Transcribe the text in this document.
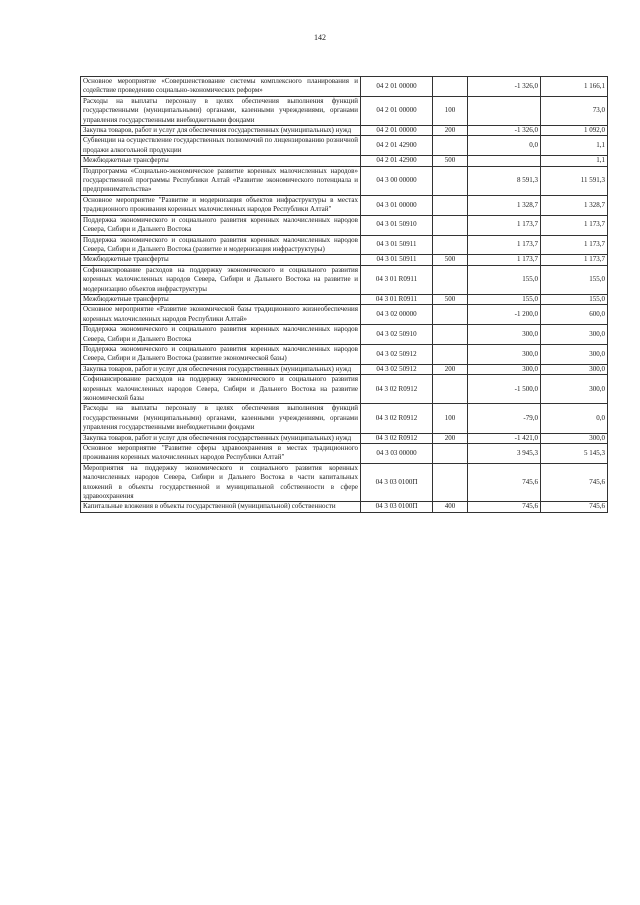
142
Основное мероприятие «Совершенствование системы комплексного планирования и содействие проведению социально-экономических реформ»	04 2 01 00000		-1 326,0	1 166,1
Расходы на выплаты персоналу в целях обеспечения выполнения функций государственными (муниципальными) органами, казенными учреждениями, органами управления государственными внебюджетными фондами	04 2 01 00000	100		73,0
Закупка товаров, работ и услуг для обеспечения государственных (муниципальных) нужд	04 2 01 00000	200	-1 326,0	1 092,0
Субвенции на осуществление государственных полномочий по лицензированию розничной продажи алкогольной продукции	04 2 01 42900		0,0	1,1
Межбюджетные трансферты	04 2 01 42900	500		1,1
Подпрограмма «Социально-экономическое развитие коренных малочисленных народов» государственной программы Республики Алтай «Развитие экономического потенциала и предпринимательства»	04 3 00 00000		8 591,3	11 591,3
Основное мероприятие "Развитие и модернизация объектов инфраструктуры в местах традиционного проживания коренных малочисленных народов Республики Алтай"	04 3 01 00000		1 328,7	1 328,7
Поддержка экономического и социального развития коренных малочисленных народов Севера, Сибири и Дальнего Востока	04 3 01 50910		1 173,7	1 173,7
Поддержка экономического и социального развития коренных малочисленных народов Севера, Сибири и Дальнего Востока (развитие и модернизация инфраструктуры)	04 3 01 50911		1 173,7	1 173,7
Межбюджетные трансферты	04 3 01 50911	500	1 173,7	1 173,7
Софинансирование расходов на поддержку экономического и социального развития коренных малочисленных народов Севера, Сибири и Дальнего Востока на развитие и модернизацию объектов инфраструктуры	04 3 01 R0911		155,0	155,0
Межбюджетные трансферты	04 3 01 R0911	500	155,0	155,0
Основное мероприятие «Развитие экономической базы традиционного жизнеобеспечения коренных малочисленных народов Республики Алтай»	04 3 02 00000		-1 200,0	600,0
Поддержка экономического и социального развития коренных малочисленных народов Севера, Сибири и Дальнего Востока	04 3 02 50910		300,0	300,0
Поддержка экономического и социального развития коренных малочисленных народов Севера, Сибири и Дальнего Востока (развитие экономической базы)	04 3 02 50912		300,0	300,0
Закупка товаров, работ и услуг для обеспечения государственных (муниципальных) нужд	04 3 02 50912	200	300,0	300,0
Софинансирование расходов на поддержку экономического и социального развития коренных малочисленных народов Севера, Сибири и Дальнего Востока на развитие экономической базы	04 3 02 R0912		-1 500,0	300,0
Расходы на выплаты персоналу в целях обеспечения выполнения функций государственными (муниципальными) органами, казенными учреждениями, органами управления государственными внебюджетными фондами	04 3 02 R0912	100	-79,0	0,0
Закупка товаров, работ и услуг для обеспечения государственных (муниципальных) нужд	04 3 02 R0912	200	-1 421,0	300,0
Основное мероприятие "Развитие сферы здравоохранения в местах традиционного проживания коренных малочисленных народов Республики Алтай"	04 3 03 00000		3 945,3	5 145,3
Мероприятия на поддержку экономического и социального развития коренных малочисленных народов Севера, Сибири и Дальнего Востока в части капитальных вложений в объекты государственной и муниципальной собственности в сфере здравоохранения	04 3 03 0100П		745,6	745,6
Капитальные вложения в объекты государственной (муниципальной) собственности	04 3 03 0100П	400	745,6	745,6
